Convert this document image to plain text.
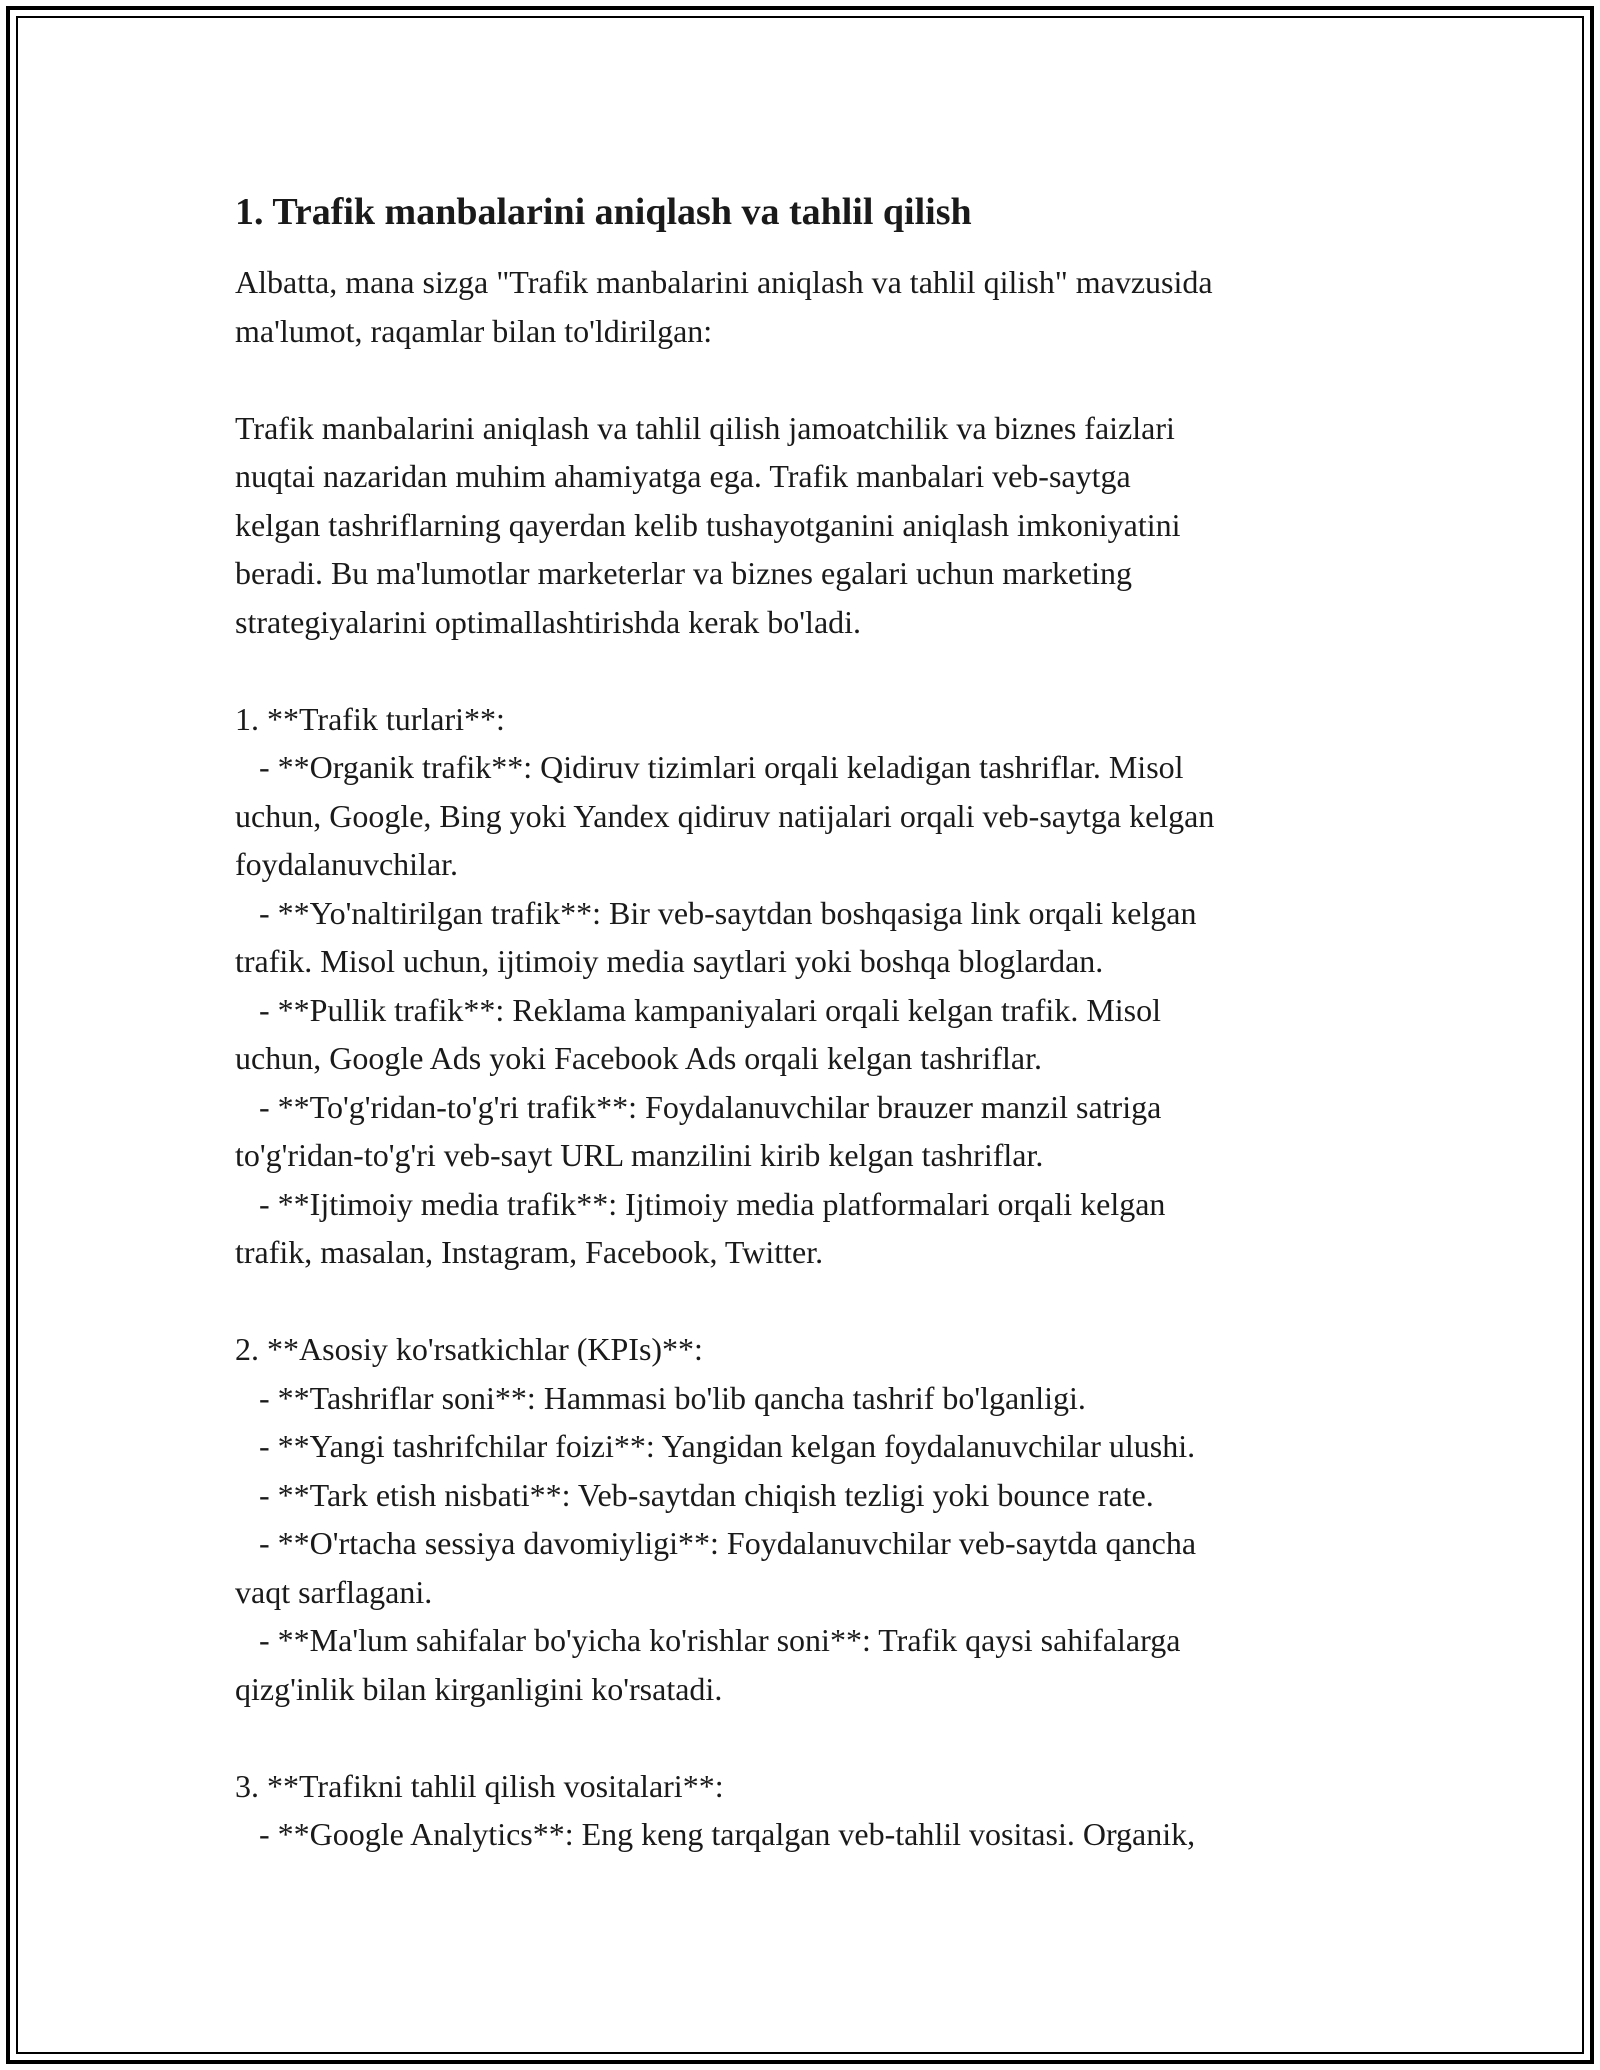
1. Trafik manbalarini aniqlash va tahlil qilish
Albatta, mana sizga "Trafik manbalarini aniqlash va tahlil qilish" mavzusida
ma'lumot, raqamlar bilan to'ldirilgan:
Trafik manbalarini aniqlash va tahlil qilish jamoatchilik va biznes faizlari
nuqtai nazaridan muhim ahamiyatga ega. Trafik manbalari veb-saytga
kelgan tashriflarning qayerdan kelib tushayotganini aniqlash imkoniyatini
beradi. Bu ma'lumotlar marketerlar va biznes egalari uchun marketing
strategiyalarini optimallashtirishda kerak bo'ladi.
1. **Trafik turlari**:
- **Organik trafik**: Qidiruv tizimlari orqali keladigan tashriflar. Misol
uchun, Google, Bing yoki Yandex qidiruv natijalari orqali veb-saytga kelgan
foydalanuvchilar.
- **Yo'naltirilgan trafik**: Bir veb-saytdan boshqasiga link orqali kelgan
trafik. Misol uchun, ijtimoiy media saytlari yoki boshqa bloglardan.
- **Pullik trafik**: Reklama kampaniyalari orqali kelgan trafik. Misol
uchun, Google Ads yoki Facebook Ads orqali kelgan tashriflar.
- **To'g'ridan-to'g'ri trafik**: Foydalanuvchilar brauzer manzil satriga
to'g'ridan-to'g'ri veb-sayt URL manzilini kirib kelgan tashriflar.
- **Ijtimoiy media trafik**: Ijtimoiy media platformalari orqali kelgan
trafik, masalan, Instagram, Facebook, Twitter.
2. **Asosiy ko'rsatkichlar (KPIs)**:
- **Tashriflar soni**: Hammasi bo'lib qancha tashrif bo'lganligi.
- **Yangi tashrifchilar foizi**: Yangidan kelgan foydalanuvchilar ulushi.
- **Tark etish nisbati**: Veb-saytdan chiqish tezligi yoki bounce rate.
- **O'rtacha sessiya davomiyligi**: Foydalanuvchilar veb-saytda qancha
vaqt sarflagani.
- **Ma'lum sahifalar bo'yicha ko'rishlar soni**: Trafik qaysi sahifalarga
qizg'inlik bilan kirganligini ko'rsatadi.
3. **Trafikni tahlil qilish vositalari**:
- **Google Analytics**: Eng keng tarqalgan veb-tahlil vositasi. Organik,
